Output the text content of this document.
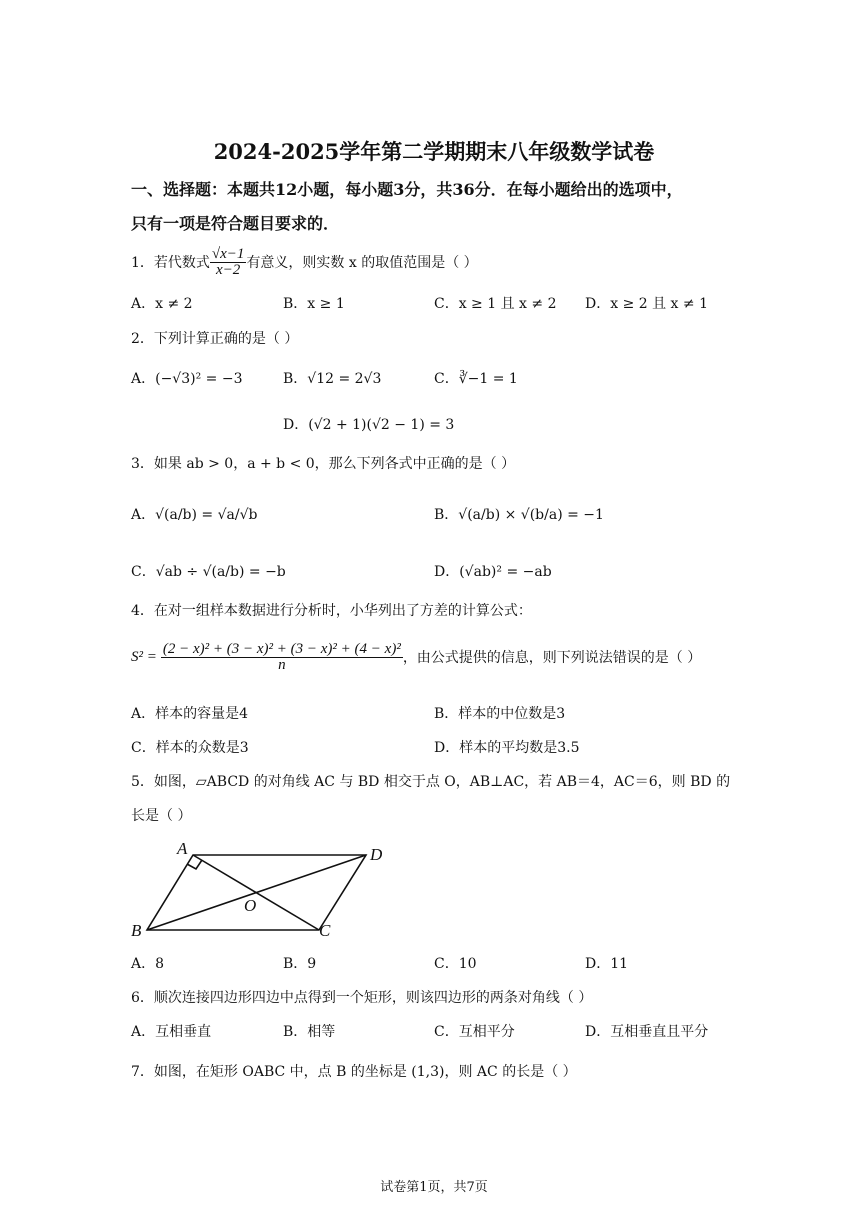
2024-2025学年第二学期期末八年级数学试卷
一、选择题：本题共12小题，每小题3分，共36分．在每小题给出的选项中，
只有一项是符合题目要求的．
1．若代数式 $\frac{√x-1}{x-2}$ 有意义，则实数 x 的取值范围是（ ）
A．x ≠ 2	B．x ≥ 1	C．x ≥ 1 且 x ≠ 2 D．x ≥ 2 且 x ≠ 1
2．下列计算正确的是（ ）
A．(−√3)² = −3	B．√12 = 2√3	C．∛−1 = 1
D．(√2 + 1)(√2 − 1) = 3
3．如果 ab > 0，a + b < 0，那么下列各式中正确的是（ ）
A．√(a/b) = √a/√b	B．√(a/b) × √(b/a) = −1
C．√ab ÷ √(a/b) = −b	D．(√ab)² = −ab
4．在对一组样本数据进行分析时，小华列出了方差的计算公式：
$S^2 = \frac{\text{(2 − x)² + (3 − x)² + (3 − x)² + (4 − x)²}}{n}$ ，由公式提供的信息，则下列说法错误的是（ ）
A．样本的容量是4	B．样本的中位数是3
C．样本的众数是3	D．样本的平均数是3.5
5．如图，▱ABCD 的对角线 AC 与 BD 相交于点 O，AB⊥AC，若 AB＝4，AC＝6，则 BD 的
长是（ ）
A	D
B	C
O
A．8	B．9	C．10	D．11
6．顺次连接四边形四边中点得到一个矩形，则该四边形的两条对角线（ ）
A．互相垂直	B．相等	C．互相平分	D．互相垂直且平分
7．如图，在矩形 OABC 中，点 B 的坐标是 (1,3)，则 AC 的长是（ ）
试卷第1页，共7页
